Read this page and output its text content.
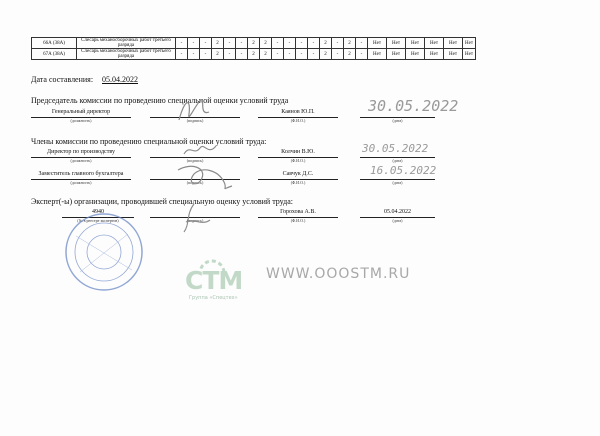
66А (38А)	Слесарь механосборочных работ третьего разряда	-	-	-	2	-	-	2	2	-	-	-	-	2	-	2	-	Нет	Нет	Нет	Нет	Нет	Нет
67А (38А)	Слесарь механосборочных работ третьего разряда	-	-	-	2	-	-	2	2	-	-	-	-	2	-	2	-	Нет	Нет	Нет	Нет	Нет	Нет
СТМ WWW.OOOSTM.RU
Группа «Спецтех»
Дата составления: 05.04.2022
Председатель комиссии по проведению специальной оценки условий труда
Генеральный директор
(должность)	(подпись)
Каянов Ю.П.
(Ф.И.О.)	(дата)
30.05.2022
Члены комиссии по проведению специальной оценки условий труда:
Директор по производству
(должность)	(подпись)
Колчин В.Ю.
(Ф.И.О.)	(дата)
30.05.2022
Заместитель главного бухгалтера
(должность)	(подпись)
Савчук Д.С.
(Ф.И.О.)	(дата)
16.05.2022
Эксперт(-ы) организации, проводившей специальную оценку условий труда:
4940
(№ в реестре экспертов)	(подпись)
Горохова А.В.
(Ф.И.О.)
05.04.2022
(дата)
